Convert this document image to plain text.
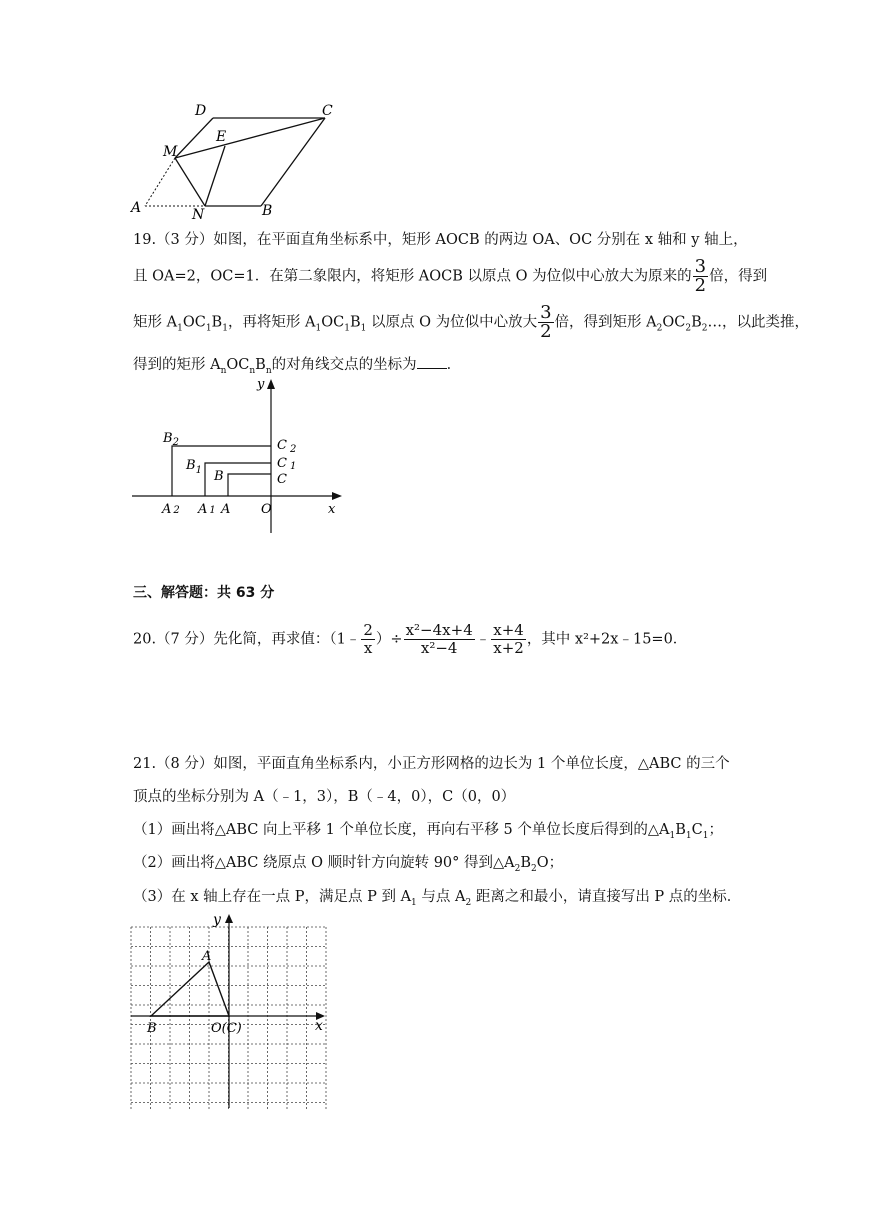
D	C
E
M
A	N	B
19.（3 分）如图，在平面直角坐标系中，矩形 AOCB 的两边 OA、OC 分别在 x 轴和 y 轴上，
且 OA=2，OC=1．在第二象限内，将矩形 AOCB 以原点 O 为位似中心放大为原来的 $\frac{3}{2}$ 倍，得到
矩形 $A_1OC_1B_1$，再将矩形 $A_1OC_1B_1$ 以原点 O 为位似中心放大 $\frac{3}{2}$ 倍，得到矩形 $A_2OC_2B_2\dots$，以此类推，
得到的矩形 $A_nOC_nB_n$的对角线交点的坐标为 ．
y
x
O
$B_2$
$B_1$ B
C $_2$
C 1
C
A 2 A 1 A
三、解答题：共 63 分
20.（7 分）先化简，再求值：（1﹣ $\frac{2}{x}$ ）÷ $\frac{\text{x²−4x+4}}{\text{x²−4}}$ ﹣ $\frac{x+4}{x+2}$ ，其中 x²+2x﹣15=0．
21.（8 分）如图，平面直角坐标系内，小正方形网格的边长为 1 个单位长度，△ABC 的三个
顶点的坐标分别为 A（﹣1，3），B（﹣4，0），C（0，0）
（1）画出将△ABC 向上平移 1 个单位长度，再向右平移 5 个单位长度后得到的$\triangle A_1B_1C_1$；
（2）画出将△ABC 绕原点 O 顺时针方向旋转 90° 得到$\triangle A_2B_2O$；
（3）在 x 轴上存在一点 P，满足点 P 到 $A_1$ 与点 $A_2$ 距离之和最小，请直接写出 P 点的坐标．
y
x
A
B	O(C)
